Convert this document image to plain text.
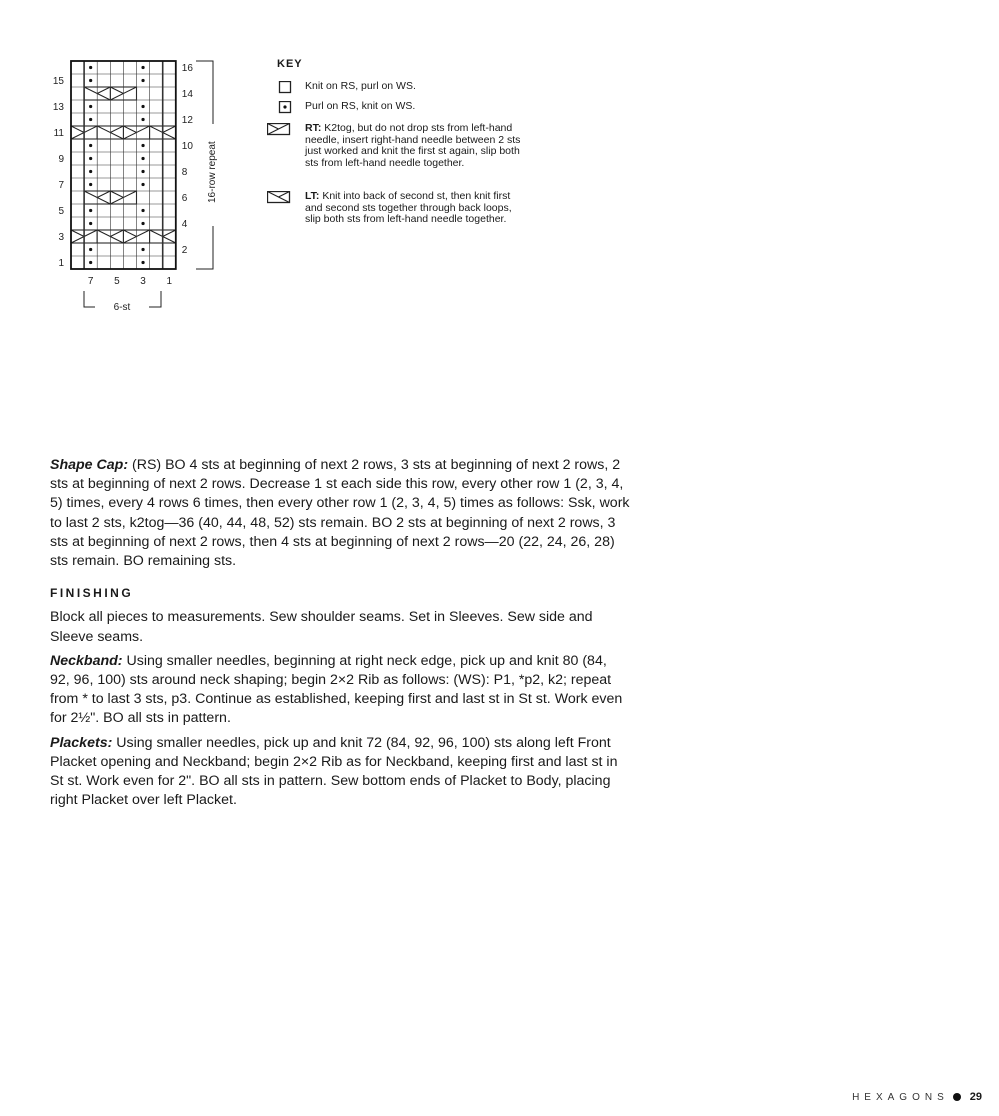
15
13
11
9
7
5
3
1
16
14
12
10
8
6
4
2
7 5 3 1
16-row repeat
6-st
KEY
Knit on RS, purl on WS.
Purl on RS, knit on WS.
RT: K2tog, but do not drop sts from left-hand needle, insert right-hand needle between 2 sts just worked and knit the first st again, slip both sts from left-hand needle together.
LT: Knit into back of second st, then knit first and second sts together through back loops, slip both sts from left-hand needle together.

Shape Cap: (RS) BO 4 sts at beginning of next 2 rows, 3 sts at beginning of next 2 rows, 2 sts at beginning of next 2 rows. Decrease 1 st each side this row, every other row 1 (2, 3, 4, 5) times, every 4 rows 6 times, then every other row 1 (2, 3, 4, 5) times as follows: Ssk, work to last 2 sts, k2tog—36 (40, 44, 48, 52) sts remain. BO 2 sts at beginning of next 2 rows, 3 sts at beginning of next 2 rows, then 4 sts at beginning of next 2 rows—20 (22, 24, 26, 28) sts remain. BO remaining sts.

FINISHING

Block all pieces to measurements. Sew shoulder seams. Set in Sleeves. Sew side and Sleeve seams.

Neckband: Using smaller needles, beginning at right neck edge, pick up and knit 80 (84, 92, 96, 100) sts around neck shaping; begin 2×2 Rib as follows: (WS): P1, *p2, k2; repeat from * to last 3 sts, p3. Continue as established, keeping first and last st in St st. Work even for 2½". BO all sts in pattern.

Plackets: Using smaller needles, pick up and knit 72 (84, 92, 96, 100) sts along left Front Placket opening and Neckband; begin 2×2 Rib as for Neckband, keeping first and last st in St st. Work even for 2". BO all sts in pattern. Sew bottom ends of Placket to Body, placing right Placket over left Placket.

HEXAGONS 29
